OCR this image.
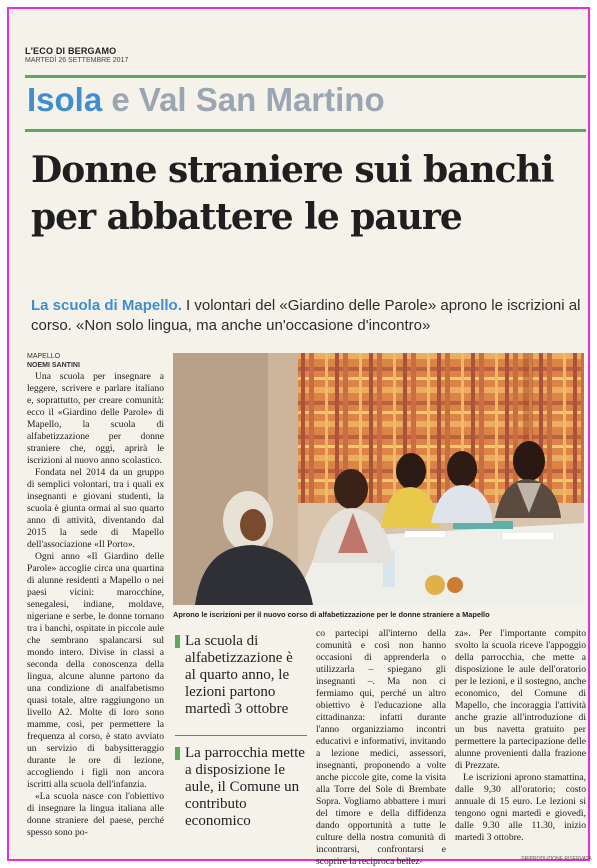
L'ECO DI BERGAMO
MARTEDÌ 26 SETTEMBRE 2017
Isola e Val San Martino
Donne straniere sui banchi
per abbattere le paure
La scuola di Mapello. I volontari del «Giardino delle Parole» aprono le iscrizioni al corso. «Non solo lingua, ma anche un'occasione d'incontro»
MAPELLO
NOEMI SANTINI

Una scuola per insegnare a leggere, scrivere e parlare italiano e, soprattutto, per creare comunità: ecco il «Giardino delle Parole» di Mapello, la scuola di alfabetizzazione per donne straniere che, oggi, aprirà le iscrizioni al nuovo anno scolastico.

Fondata nel 2014 da un gruppo di semplici volontari, tra i quali ex insegnanti e giovani studenti, la scuola è giunta ormai al suo quarto anno di attività, diventando dal 2015 la sede di Mapello dell'associazione «Il Porto».

Ogni anno «Il Giardino delle Parole» accoglie circa una quartina di alunne residenti a Mapello o nei paesi vicini: marocchine, senegalesi, indiane, moldave, nigeriane e serbe, le donne tornano tra i banchi, ospitate in piccole aule che sembrano spalancarsi sul mondo intero. Divise in classi a seconda della conoscenza della lingua, alcune alunne partono da una condizione di analfabetismo quasi totale, altre raggiungono un livello A2. Molte di loro sono mamme, così, per permettere la frequenza al corso, è stato avviato un servizio di babysitteraggio durante le ore di lezione, accogliendo i figli non ancora iscritti alla scuola dell'infanzia.

«La scuola nasce con l'obiettivo di insegnare la lingua italiana alle donne straniere del paese, perché spesso sono po-

Aprono le iscrizioni per il nuovo corso di alfabetizzazione per le donne straniere a Mapello
La scuola di alfabetizzazione è al quarto anno, le lezioni partono martedì 3 ottobre
La parrocchia mette a disposizione le aule, il Comune un contributo economico

co partecipi all'interno della comunità e così non hanno occasioni di apprenderla o utilizzarla – spiegano gli insegnanti –. Ma non ci fermiamo qui, perché un altro obiettivo è l'educazione alla cittadinanza: infatti durante l'anno organizziamo incontri educativi e informativi, invitando a lezione medici, assessori, insegnanti, proponendo a volte anche piccole gite, come la visita alla Torre del Sole di Brembate Sopra. Vogliamo abbattere i muri del timore e della diffidenza dando opportunità a tutte le culture della nostra comunità di incontrarsi, confrontarsi e scoprire la reciproca bellez-

za». Per l'importante compito svolto la scuola riceve l'appoggio della parrocchia, che mette a disposizione le aule dell'oratorio per le lezioni, e il sostegno, anche economico, del Comune di Mapello, che incoraggia l'attività anche grazie all'introduzione di un bus navetta gratuito per permettere la partecipazione delle alunne provenienti dalla frazione di Prezzate.

Le iscrizioni aprono stamattina, dalle 9,30 all'oratorio; costo annuale di 15 euro. Le lezioni si tengono ogni martedì e giovedì, dalle 9.30 alle 11.30, inizio martedì 3 ottobre.

©RIPRODUZIONE RISERVATA
